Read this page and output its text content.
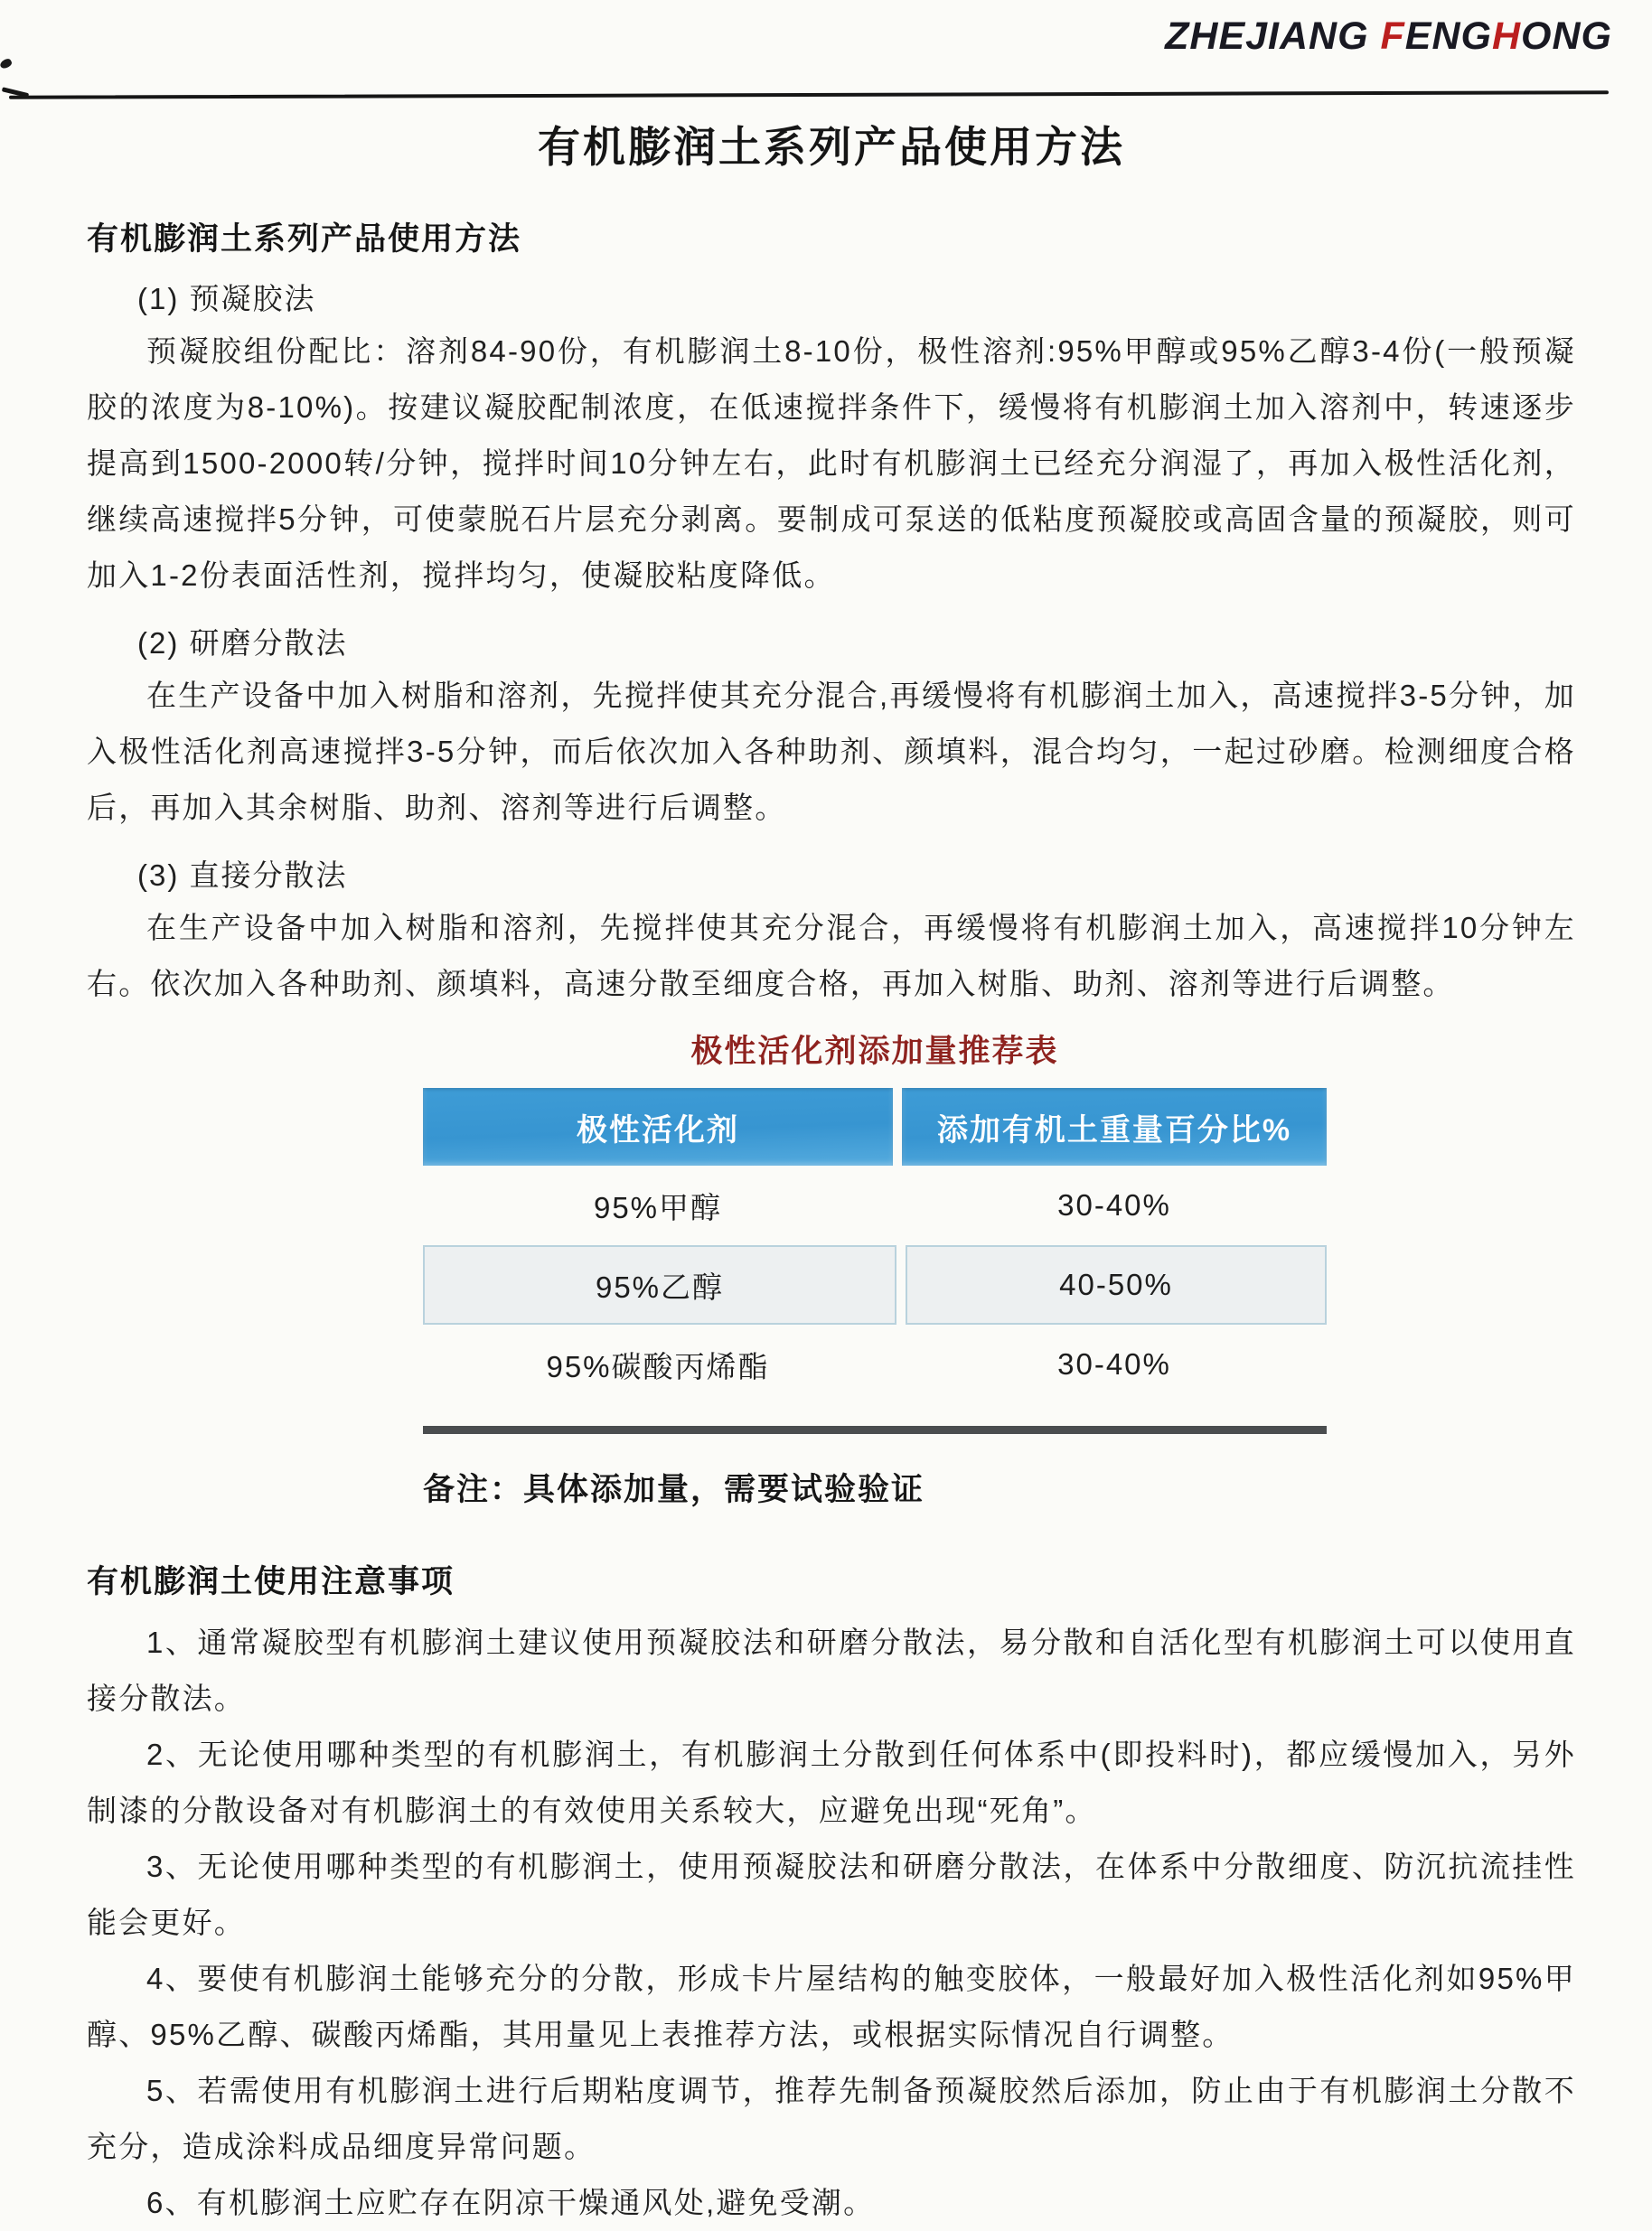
ZHEJIANG FENGHONG
有机膨润土系列产品使用方法
有机膨润土系列产品使用方法
(1) 预凝胶法

预凝胶组份配比：溶剂84-90份，有机膨润土8-10份，极性溶剂:95%甲醇或95%乙醇3-4份(一般预凝胶的浓度为8-10%)。按建议凝胶配制浓度，在低速搅拌条件下，缓慢将有机膨润土加入溶剂中，转速逐步提高到1500-2000转/分钟，搅拌时间10分钟左右，此时有机膨润土已经充分润湿了，再加入极性活化剂，继续高速搅拌5分钟，可使蒙脱石片层充分剥离。要制成可泵送的低粘度预凝胶或高固含量的预凝胶，则可加入1-2份表面活性剂，搅拌均匀，使凝胶粘度降低。

(2) 研磨分散法

在生产设备中加入树脂和溶剂，先搅拌使其充分混合,再缓慢将有机膨润土加入，高速搅拌3-5分钟，加入极性活化剂高速搅拌3-5分钟，而后依次加入各种助剂、颜填料，混合均匀，一起过砂磨。检测细度合格后，再加入其余树脂、助剂、溶剂等进行后调整。

(3) 直接分散法

在生产设备中加入树脂和溶剂，先搅拌使其充分混合，再缓慢将有机膨润土加入，高速搅拌10分钟左右。依次加入各种助剂、颜填料，高速分散至细度合格，再加入树脂、助剂、溶剂等进行后调整。

极性活化剂添加量推荐表
极性活化剂	添加有机土重量百分比%
95%甲醇	30-40%
95%乙醇	40-50%
95%碳酸丙烯酯	30-40%
备注：具体添加量，需要试验验证
有机膨润土使用注意事项

1、通常凝胶型有机膨润土建议使用预凝胶法和研磨分散法，易分散和自活化型有机膨润土可以使用直接分散法。

2、无论使用哪种类型的有机膨润土，有机膨润土分散到任何体系中(即投料时)，都应缓慢加入，另外制漆的分散设备对有机膨润土的有效使用关系较大，应避免出现“死角”。

3、无论使用哪种类型的有机膨润土，使用预凝胶法和研磨分散法，在体系中分散细度、防沉抗流挂性能会更好。

4、要使有机膨润土能够充分的分散，形成卡片屋结构的触变胶体，一般最好加入极性活化剂如95%甲醇、95%乙醇、碳酸丙烯酯，其用量见上表推荐方法，或根据实际情况自行调整。

5、若需使用有机膨润土进行后期粘度调节，推荐先制备预凝胶然后添加，防止由于有机膨润土分散不充分，造成涂料成品细度异常问题。

6、有机膨润土应贮存在阴凉干燥通风处,避免受潮。
